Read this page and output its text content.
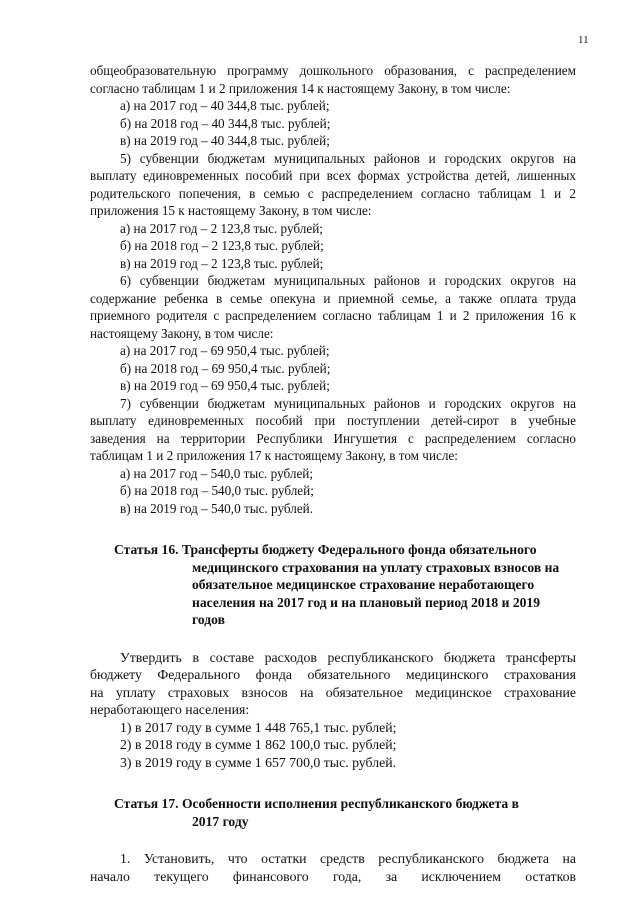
11

общеобразовательную программу дошкольного образования, с распределением

согласно таблицам 1 и 2 приложения 14 к настоящему Закону, в том числе:

а) на 2017 год – 40 344,8 тыс. рублей;

б) на 2018 год – 40 344,8 тыс. рублей;

в) на 2019 год – 40 344,8 тыс. рублей;

5) субвенции бюджетам муниципальных районов и городских округов на

выплату единовременных пособий при всех формах устройства детей, лишенных

родительского попечения, в семью с распределением согласно таблицам 1 и 2

приложения 15 к настоящему Закону, в том числе:

а) на 2017 год – 2 123,8 тыс. рублей;

б) на 2018 год – 2 123,8 тыс. рублей;

в) на 2019 год – 2 123,8 тыс. рублей;

6) субвенции бюджетам муниципальных районов и городских округов на

содержание ребенка в семье опекуна и приемной семье, а также оплата труда

приемного родителя с распределением согласно таблицам 1 и 2 приложения 16 к

настоящему Закону, в том числе:

а) на 2017 год – 69 950,4 тыс. рублей;

б) на 2018 год – 69 950,4 тыс. рублей;

в) на 2019 год – 69 950,4 тыс. рублей;

7) субвенции бюджетам муниципальных районов и городских округов на

выплату единовременных пособий при поступлении детей-сирот в учебные

заведения на территории Республики Ингушетия с распределением согласно

таблицам 1 и 2 приложения 17 к настоящему Закону, в том числе:

а) на 2017 год – 540,0 тыс. рублей;

б) на 2018 год – 540,0 тыс. рублей;

в) на 2019 год – 540,0 тыс. рублей.

Статья 16. Трансферты бюджету Федерального фонда обязательного
медицинского страхования на уплату страховых взносов на
обязательное медицинское страхование неработающего
населения на 2017 год и на плановый период 2018 и 2019
годов

Утвердить в составе расходов республиканского бюджета трансферты

бюджету Федерального фонда обязательного медицинского страхования

на уплату страховых взносов на обязательное медицинское страхование

неработающего населения:

1) в 2017 году в сумме 1 448 765,1 тыс. рублей;

2) в 2018 году в сумме 1 862 100,0 тыс. рублей;

3) в 2019 году в сумме 1 657 700,0 тыс. рублей.

Статья 17. Особенности исполнения республиканского бюджета в
2017 году

1. Установить, что остатки средств республиканского бюджета на

начало текущего финансового года, за исключением остатков
